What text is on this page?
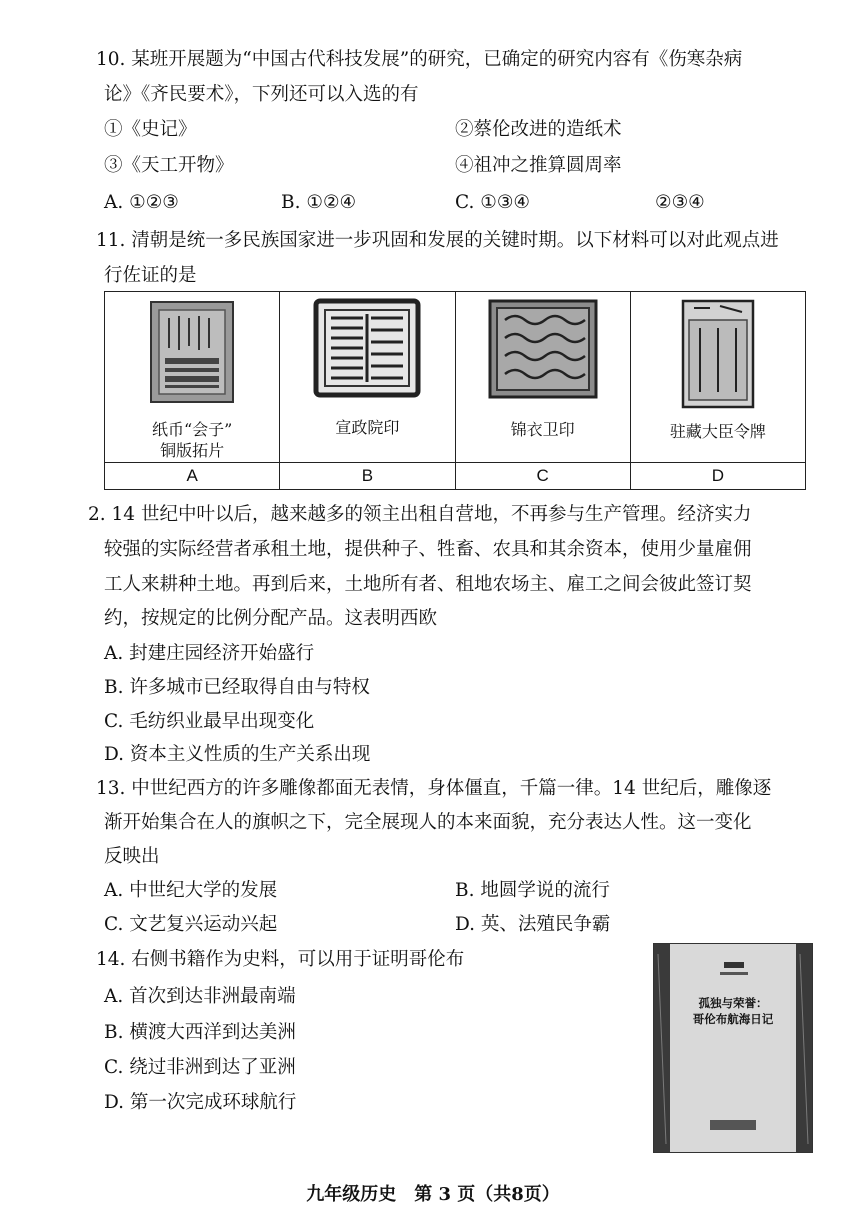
10. 某班开展题为“中国古代科技发展”的研究，已确定的研究内容有《伤寒杂病
论》《齐民要术》，下列还可以入选的有
①《史记》	②蔡伦改进的造纸术
③《天工开物》	④祖冲之推算圆周率
A. ①②③	B. ①②④	C. ①③④	②③④
11. 清朝是统一多民族国家进一步巩固和发展的关键时期。以下材料可以对此观点进
行佐证的是
纸币“会子”
铜版拓片	宣政院印	锦衣卫印	驻藏大臣令牌

A	B	C	D
2. 14 世纪中叶以后，越来越多的领主出租自营地，不再参与生产管理。经济实力
较强的实际经营者承租土地，提供种子、牲畜、农具和其余资本，使用少量雇佣
工人来耕种土地。再到后来，土地所有者、租地农场主、雇工之间会彼此签订契
约，按规定的比例分配产品。这表明西欧
A. 封建庄园经济开始盛行
B. 许多城市已经取得自由与特权
C. 毛纺织业最早出现变化
D. 资本主义性质的生产关系出现
13. 中世纪西方的许多雕像都面无表情，身体僵直，千篇一律。14 世纪后，雕像逐
渐开始集合在人的旗帜之下，完全展现人的本来面貌，充分表达人性。这一变化
反映出
A. 中世纪大学的发展	B. 地圆学说的流行
C. 文艺复兴运动兴起	D. 英、法殖民争霸
14. 右侧书籍作为史料，可以用于证明哥伦布
A. 首次到达非洲最南端
B. 横渡大西洋到达美洲
C. 绕过非洲到达了亚洲
D. 第一次完成环球航行
孤独与荣誉：
哥伦布航海日记
九年级历史　第 3 页（共8页）
